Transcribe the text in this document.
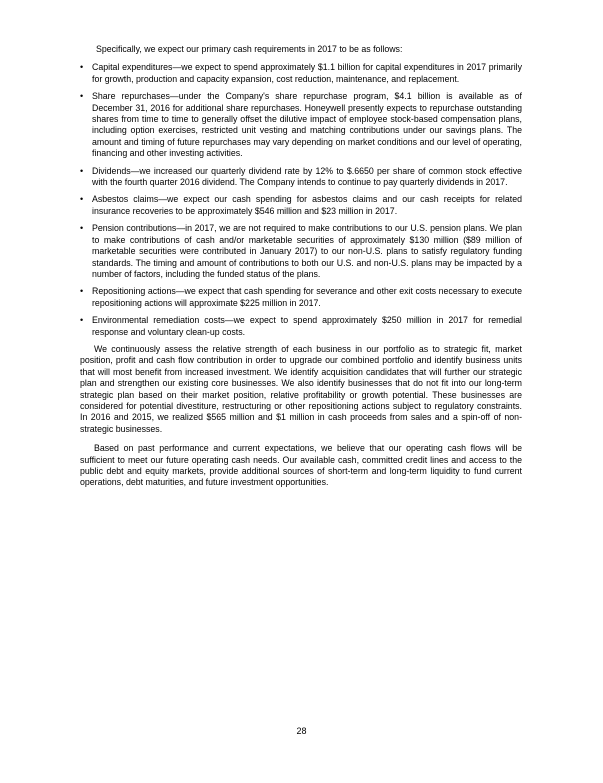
Specifically, we expect our primary cash requirements in 2017 to be as follows:

• Capital expenditures—we expect to spend approximately $1.1 billion for capital expenditures in 2017 primarily for growth, production and capacity expansion, cost reduction, maintenance, and replacement.
• Share repurchases—under the Company's share repurchase program, $4.1 billion is available as of December 31, 2016 for additional share repurchases. Honeywell presently expects to repurchase outstanding shares from time to time to generally offset the dilutive impact of employee stock-based compensation plans, including option exercises, restricted unit vesting and matching contributions under our savings plans. The amount and timing of future repurchases may vary depending on market conditions and our level of operating, financing and other investing activities.
• Dividends—we increased our quarterly dividend rate by 12% to $.6650 per share of common stock effective with the fourth quarter 2016 dividend. The Company intends to continue to pay quarterly dividends in 2017.
• Asbestos claims—we expect our cash spending for asbestos claims and our cash receipts for related insurance recoveries to be approximately $546 million and $23 million in 2017.
• Pension contributions—in 2017, we are not required to make contributions to our U.S. pension plans. We plan to make contributions of cash and/or marketable securities of approximately $130 million ($89 million of marketable securities were contributed in January 2017) to our non-U.S. plans to satisfy regulatory funding standards. The timing and amount of contributions to both our U.S. and non-U.S. plans may be impacted by a number of factors, including the funded status of the plans.
• Repositioning actions—we expect that cash spending for severance and other exit costs necessary to execute repositioning actions will approximate $225 million in 2017.
• Environmental remediation costs—we expect to spend approximately $250 million in 2017 for remedial response and voluntary clean-up costs.

We continuously assess the relative strength of each business in our portfolio as to strategic fit, market position, profit and cash flow contribution in order to upgrade our combined portfolio and identify business units that will most benefit from increased investment. We identify acquisition candidates that will further our strategic plan and strengthen our existing core businesses. We also identify businesses that do not fit into our long-term strategic plan based on their market position, relative profitability or growth potential. These businesses are considered for potential divestiture, restructuring or other repositioning actions subject to regulatory constraints. In 2016 and 2015, we realized $565 million and $1 million in cash proceeds from sales and a spin-off of non-strategic businesses.

Based on past performance and current expectations, we believe that our operating cash flows will be sufficient to meet our future operating cash needs. Our available cash, committed credit lines and access to the public debt and equity markets, provide additional sources of short-term and long-term liquidity to fund current operations, debt maturities, and future investment opportunities.

28
